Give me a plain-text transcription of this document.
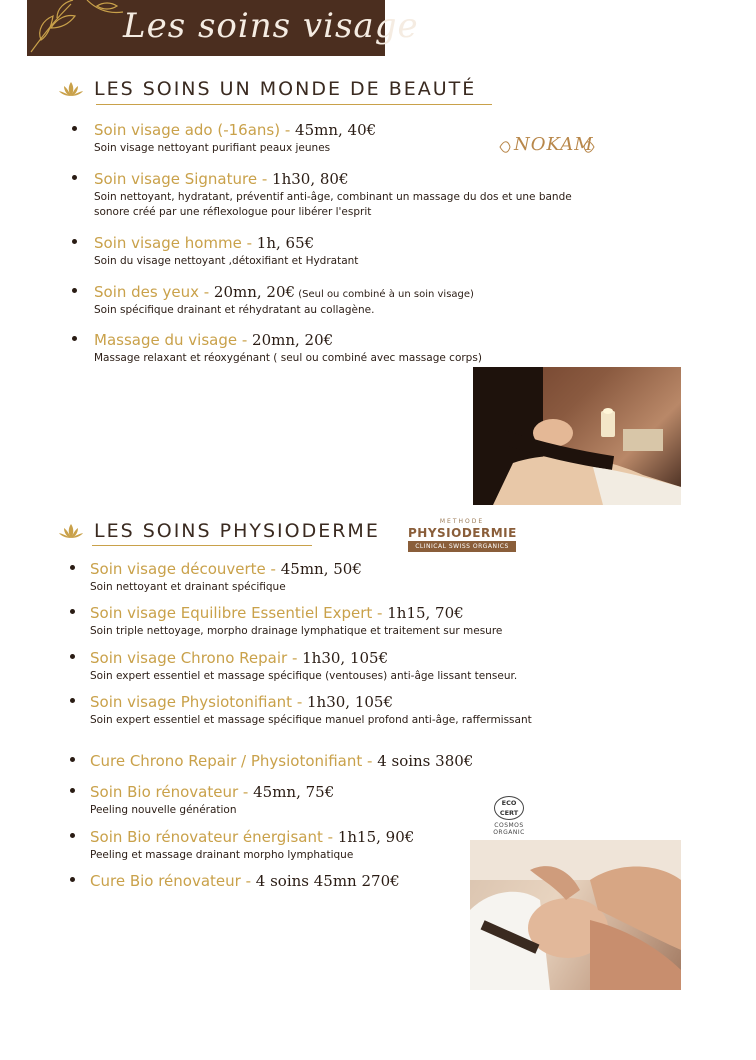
Les soins visage
LES SOINS UN MONDE DE BEAUTÉ
NOKAM
Soin visage ado (-16ans) - 45mn, 40€
Soin visage nettoyant purifiant peaux jeunes
Soin visage Signature - 1h30, 80€
Soin nettoyant, hydratant, préventif anti-âge, combinant un massage du dos et une bande sonore créé par une réflexologue pour libérer l'esprit
Soin visage homme - 1h, 65€
Soin du visage nettoyant ,détoxifiant et Hydratant
Soin des yeux - 20mn, 20€ (Seul ou combiné à un soin visage)
Soin spécifique drainant et réhydratant au collagène.
Massage du visage - 20mn, 20€
Massage relaxant et réoxygénant ( seul ou combiné avec massage corps)
LES SOINS PHYSIODERME	METHODE
PHYSIODERMIE
CLINICAL SWISS ORGANICS
Soin visage découverte - 45mn, 50€
Soin nettoyant et drainant spécifique
Soin visage Equilibre Essentiel Expert - 1h15, 70€
Soin triple nettoyage, morpho drainage lymphatique et traitement sur mesure
Soin visage Chrono Repair - 1h30, 105€
Soin expert essentiel et massage spécifique (ventouses) anti-âge lissant tenseur.
Soin visage Physiotonifiant - 1h30, 105€
Soin expert essentiel et massage spécifique manuel profond anti-âge, raffermissant
Cure Chrono Repair / Physiotonifiant - 4 soins 380€
Soin Bio rénovateur - 45mn, 75€
Peeling nouvelle génération
Soin Bio rénovateur énergisant - 1h15, 90€
Peeling et massage drainant morpho lymphatique
Cure Bio rénovateur - 4 soins 45mn 270€
ECO
CERT
COSMOS
ORGANIC
